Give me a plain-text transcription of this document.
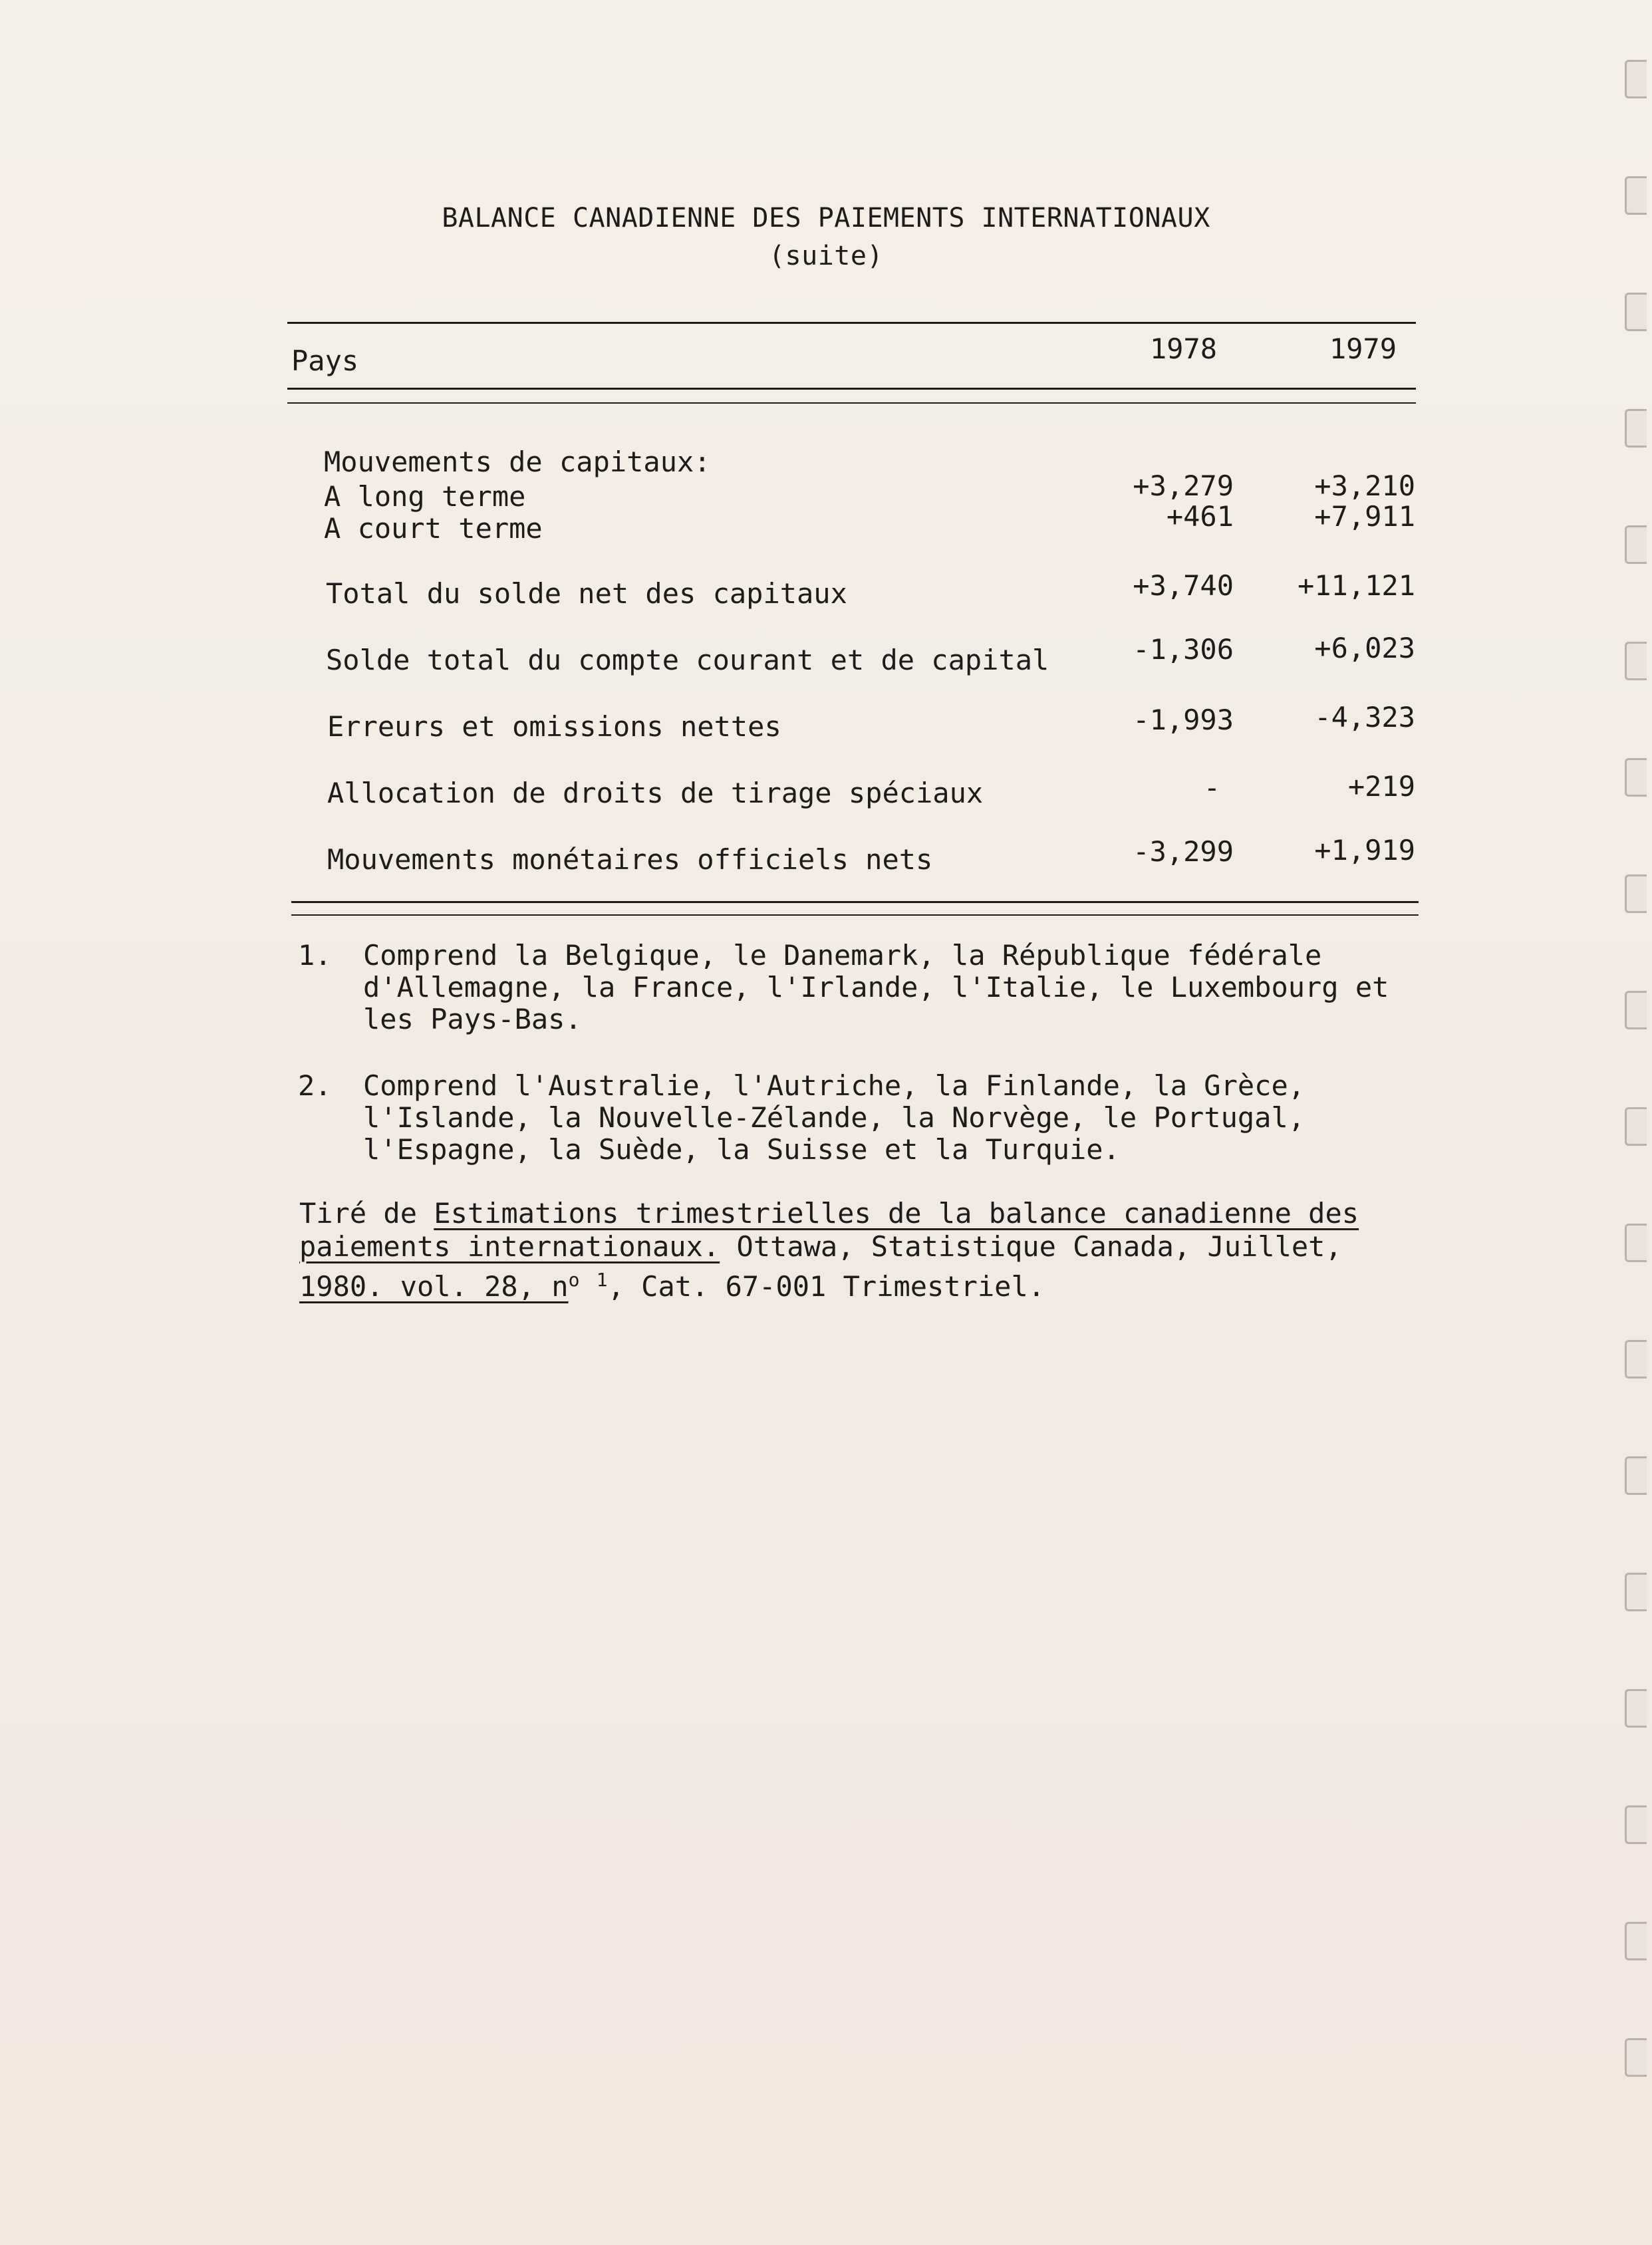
BALANCE CANADIENNE DES PAIEMENTS INTERNATIONAUX
(suite)
Pays	1978	1979
Mouvements de capitaux:
A long terme	+3,279	+3,210
A court terme	+461	+7,911
Total du solde net des capitaux	+3,740	+11,121
Solde total du compte courant et de capital	-1,306	+6,023
Erreurs et omissions nettes	-1,993	-4,323
Allocation de droits de tirage spéciaux	-	+219
Mouvements monétaires officiels nets	-3,299	+1,919
1. Comprend la Belgique, le Danemark, la République fédérale
d'Allemagne, la France, l'Irlande, l'Italie, le Luxembourg et
les Pays-Bas.
2. Comprend l'Australie, l'Autriche, la Finlande, la Grèce,
l'Islande, la Nouvelle-Zélande, la Norvège, le Portugal,
l'Espagne, la Suède, la Suisse et la Turquie.
Tiré de Estimations trimestrielles de la balance canadienne des
paiements internationaux. Ottawa, Statistique Canada, Juillet,
1980. vol. 28, $n^o$ $^1$, Cat. 67-001 Trimestriel.
